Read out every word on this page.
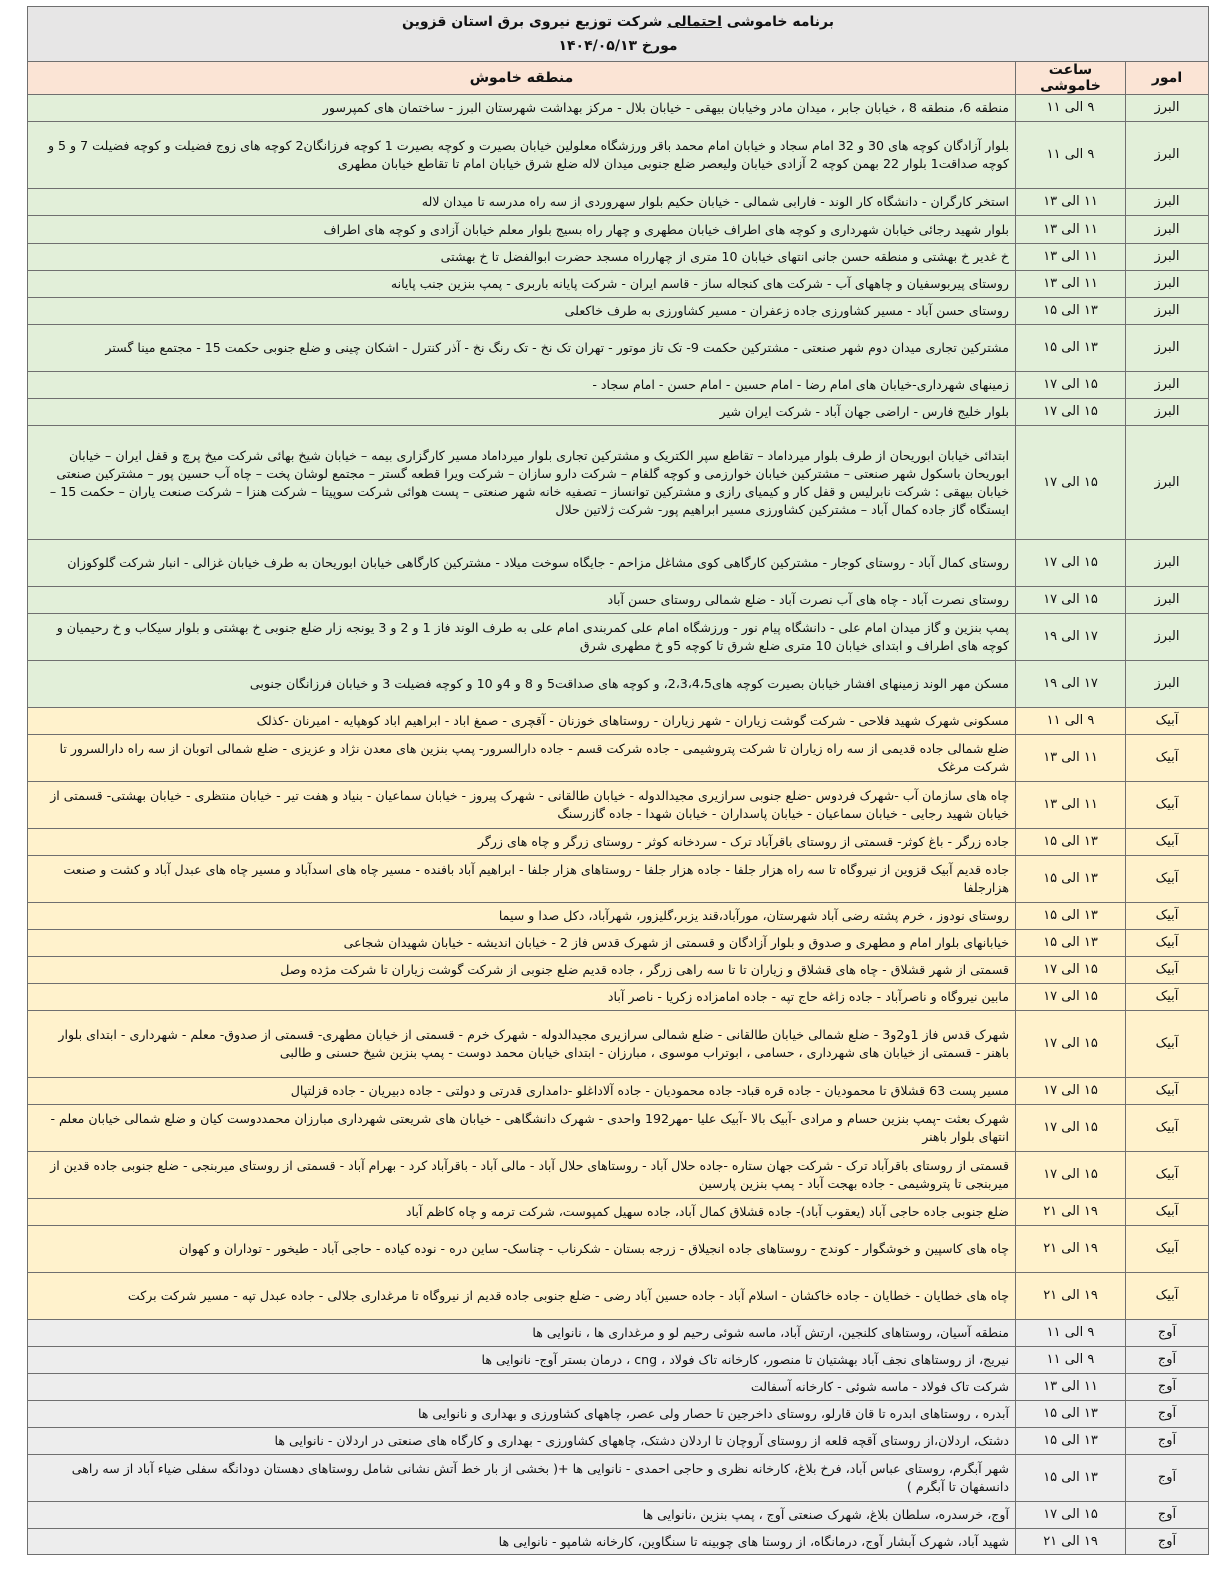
برنامه خاموشی احتمالی شرکت توزیع نیروی برق استان قزوین
مورخ ۱۴۰۴/۰۵/۱۳		

امور	ساعت خاموشی	منطقه خاموش
البرز	۹ الی ۱۱	منطقه 6، منطقه 8 ، خیابان جابر ، میدان مادر وخیابان بیهقی - خیابان بلال - مرکز بهداشت شهرستان البرز - ساختمان های کمپرسور
البرز	۹ الی ۱۱	بلوار آزادگان کوچه های 30 و 32 امام سجاد و خیابان امام محمد باقر ورزشگاه معلولین خیابان بصیرت و کوچه بصیرت 1 کوچه فرزانگان2 کوچه های زوج فضیلت و کوچه فضیلت 7 و 5 و کوچه صداقت1 بلوار 22 بهمن کوچه 2 آزادی خیابان ولیعصر ضلع جنوبی میدان لاله ضلع شرق خیابان امام تا تقاطع خیابان مطهری
البرز	۱۱ الی ۱۳	استخر کارگران - دانشگاه کار الوند - فارابی شمالی - خیابان حکیم بلوار سهروردی از سه راه مدرسه تا میدان لاله
البرز	۱۱ الی ۱۳	بلوار شهید رجائی خیابان شهرداری و کوچه های اطراف خیابان مطهری و چهار راه بسیج بلوار معلم خیابان آزادی و کوچه های اطراف
البرز	۱۱ الی ۱۳	خ غدیر خ بهشتی و منطقه حسن جانی انتهای خیابان 10 متری از چهارراه مسجد حضرت ابوالفضل تا خ بهشتی
البرز	۱۱ الی ۱۳	روستای پیربوسفیان و چاههای آب - شرکت های کنجاله ساز - قاسم ایران - شرکت پایانه باربری - پمپ بنزین جنب پایانه
البرز	۱۳ الی ۱۵	روستای حسن آباد - مسیر کشاورزی جاده زعفران - مسیر کشاورزی به طرف خاکعلی
البرز	۱۳ الی ۱۵	مشترکین تجاری میدان دوم شهر صنعتی - مشترکین حکمت 9- تک تاز موتور - تهران تک نخ - تک رنگ نخ - آذر کنترل - اشکان چینی و ضلع جنوبی حکمت 15 - مجتمع مینا گستر
البرز	۱۵ الی ۱۷	زمینهای شهرداری-خیابان های امام رضا - امام حسین - امام حسن - امام سجاد -
البرز	۱۵ الی ۱۷	بلوار خلیج فارس - اراضی جهان آباد - شرکت ایران شیر
البرز	۱۵ الی ۱۷	ابتدائی خیابان ابوریحان از طرف بلوار میرداماد – تقاطع سپر الکتریک و مشترکین تجاری بلوار میرداماد مسیر کارگزاری بیمه – خیابان شیخ بهائی شرکت میخ پرچ و قفل ایران – خیابان ابوریحان باسکول شهر صنعتی – مشترکین خیابان خوارزمی و کوچه گلفام – شرکت دارو سازان – شرکت ویرا قطعه گستر – مجتمع لوشان پخت – چاه آب حسین پور – مشترکین صنعتی خیابان بیهقی : شرکت نابرلیس و قفل کار و کیمیای رازی و مشترکین توانساز – تصفیه خانه شهر صنعتی – پست هوائی شرکت سوپیتا – شرکت هنزا – شرکت صنعت یاران – حکمت 15 – ایستگاه گاز جاده کمال آباد – مشترکین کشاورزی مسیر ابراهیم پور- شرکت ژلاتین حلال
البرز	۱۵ الی ۱۷	روستای کمال آباد - روستای کوجار - مشترکین کارگاهی کوی مشاغل مزاحم - جایگاه سوخت میلاد - مشترکین کارگاهی خیابان ابوریحان به طرف خیابان غزالی - انبار شرکت گلوکوزان
البرز	۱۵ الی ۱۷	روستای نصرت آباد - چاه های آب نصرت آباد - ضلع شمالی روستای حسن آباد
البرز	۱۷ الی ۱۹	پمپ بنزین و گاز میدان امام علی - دانشگاه پیام نور - ورزشگاه امام علی کمربندی امام علی به طرف الوند فاز 1 و 2 و 3 یونجه زار ضلع جنوبی خ بهشتی و بلوار سیکاب و خ رحیمیان و کوچه های اطراف و ابتدای خیابان 10 متری ضلع شرق تا کوچه 5و خ مطهری شرق
البرز	۱۷ الی ۱۹	مسکن مهر الوند زمینهای افشار خیابان بصیرت کوچه های2،3،4،5، و کوچه های صداقت5 و 8 و 4و 10 و کوچه فضیلت 3 و خیابان فرزانگان جنوبی
آبیک	۹ الی ۱۱	مسکونی شهرک شهید فلاحی - شرکت گوشت زیاران - شهر زیاران - روستاهای خوزنان - آقچری - صمغ اباد - ابراهیم اباد کوهپایه - امیرنان -کذلک
آبیک	۱۱ الی ۱۳	ضلع شمالی جاده قدیمی از سه راه زیاران تا شرکت پتروشیمی - جاده شرکت قسم - جاده دارالسرور- پمپ بنزین های معدن نژاد و عزیزی - ضلع شمالی اتوبان از سه راه دارالسرور تا شرکت مرغک
آبیک	۱۱ الی ۱۳	چاه های سازمان آب -شهرک فردوس -ضلع جنوبی سرازیری مجیدالدوله - خیابان طالقانی - شهرک پیروز - خیابان سماعیان - بنیاد و هفت تیر - خیابان منتظری - خیابان بهشتی- قسمتی از خیابان شهید رجایی - خیابان سماعیان - خیابان پاسداران - خیابان شهدا - جاده گازرسنگ
آبیک	۱۳ الی ۱۵	جاده زرگر - باغ کوثر- قسمتی از روستای باقرآباد ترک - سردخانه کوثر - روستای زرگر و چاه های زرگر
آبیک	۱۳ الی ۱۵	جاده قدیم آبیک قزوین از نیروگاه تا سه راه هزار جلفا - جاده هزار جلفا - روستاهای هزار جلفا - ابراهیم آباد بافنده - مسیر چاه های اسدآباد و مسیر چاه های عبدل آباد و کشت و صنعت هزارجلفا
آبیک	۱۳ الی ۱۵	روستای نودوز ، خرم پشته رضی آباد شهرستان، مورآباد،قند یزبر،گلیزور، شهرآباد، دکل صدا و سیما
آبیک	۱۳ الی ۱۵	خیابانهای بلوار امام و مطهری و صدوق و بلوار آزادگان و قسمتی از شهرک قدس فاز 2 - خیابان اندیشه - خیابان شهیدان شجاعی
آبیک	۱۵ الی ۱۷	قسمتی از شهر قشلاق - چاه های قشلاق و زیاران تا تا سه راهی زرگر ، جاده قدیم ضلع جنوبی از شرکت گوشت زیاران تا شرکت مژده وصل
آبیک	۱۵ الی ۱۷	مابین نیروگاه و ناصرآباد - جاده زاغه حاج تپه - جاده امامزاده زکریا - ناصر آباد
آبیک	۱۵ الی ۱۷	شهرک قدس فاز 1و2و3 - ضلع شمالی خیابان طالقانی - ضلع شمالی سرازیری مجیدالدوله - شهرک خرم - قسمتی از خیابان مطهری- قسمتی از صدوق- معلم - شهرداری - ابتدای بلوار باهنر - قسمتی از خیابان های شهرداری ، حسامی ، ابوتراب موسوی ، مبارزان - ابتدای خیابان محمد دوست - پمپ بنزین شیخ حسنی و طالبی
آبیک	۱۵ الی ۱۷	مسیر پست 63 قشلاق تا محمودیان - جاده قره قباد- جاده محمودیان - جاده آلاداغلو -دامداری قدرتی و دولتی - جاده دبیریان - جاده قزلتپال
آبیک	۱۵ الی ۱۷	شهرک بعثت -پمپ بنزین حسام و مرادی -آبیک بالا -آبیک علیا -مهر192 واحدی - شهرک دانشگاهی - خیابان های شریعتی شهرداری مبارزان محمددوست کیان و ضلع شمالی خیابان معلم - انتهای بلوار باهنر
آبیک	۱۵ الی ۱۷	قسمتی از روستای باقرآباد ترک - شرکت جهان ستاره -جاده حلال آباد - روستاهای حلال آباد - مالی آباد - باقرآباد کرد - بهرام آباد - قسمتی از روستای میربنجی - ضلع جنوبی جاده قدین از میربنجی تا پتروشیمی - جاده بهجت آباد - پمپ بنزین پارسین
آبیک	۱۹ الی ۲۱	ضلع جنوبی جاده حاجی آباد (یعقوب آباد)- جاده قشلاق کمال آباد، جاده سهیل کمپوست، شرکت ترمه و چاه کاظم آباد
آبیک	۱۹ الی ۲۱	چاه های کاسپین و خوشگوار - کوندج - روستاهای جاده انجیلاق - زرجه بستان - شکرناب - چناسک- ساین دره - نوده کیاده - حاجی آباد - طیخور - توداران و کهوان
آبیک	۱۹ الی ۲۱	چاه های خطایان - خطایان - جاده خاکشان - اسلام آباد - جاده حسین آباد رضی - ضلع جنوبی جاده قدیم از نیروگاه تا مرغداری جلالی - جاده عبدل تپه - مسیر شرکت برکت
آوج	۹ الی ۱۱	منطقه آسیان، روستاهای کلنجین، ارتش آباد، ماسه شوئی رحیم لو و مرغداری ها ، نانوایی ها
آوج	۹ الی ۱۱	نیریج، از روستاهای نجف آباد بهشتیان تا منصور، کارخانه تاک فولاد ، cng ، درمان بستر آوج- نانوایی ها
آوج	۱۱ الی ۱۳	شرکت تاک فولاد - ماسه شوئی - کارخانه آسفالت
آوج	۱۳ الی ۱۵	آبدره ، روستاهای ابدره تا قان قارلو، روستای داخرجین تا حصار ولی عصر، چاههای کشاورزی و بهداری و نانوایی ها
آوج	۱۳ الی ۱۵	دشتک، اردلان،از روستای آقچه قلعه از روستای آروچان تا اردلان دشتک، چاههای کشاورزی - بهداری و کارگاه های صنعتی در اردلان - نانوایی ها
آوج	۱۳ الی ۱۵	شهر آبگرم، روستای عباس آباد، فرخ بلاغ، کارخانه نظری و حاجی احمدی - نانوایی ها +( بخشی از بار خط آتش نشانی شامل روستاهای دهستان دودانگه سفلی ضیاء آباد از سه راهی دانسفهان تا آبگرم )
آوج	۱۵ الی ۱۷	آوج، خرسدره، سلطان بلاغ، شهرک صنعتی آوج ، پمپ بنزین ،نانوایی ها
آوج	۱۹ الی ۲۱	شهید آباد، شهرک آبشار آوج، درمانگاه، از روستا های چوبینه تا سنگاوین، کارخانه شامپو - نانوایی ها
